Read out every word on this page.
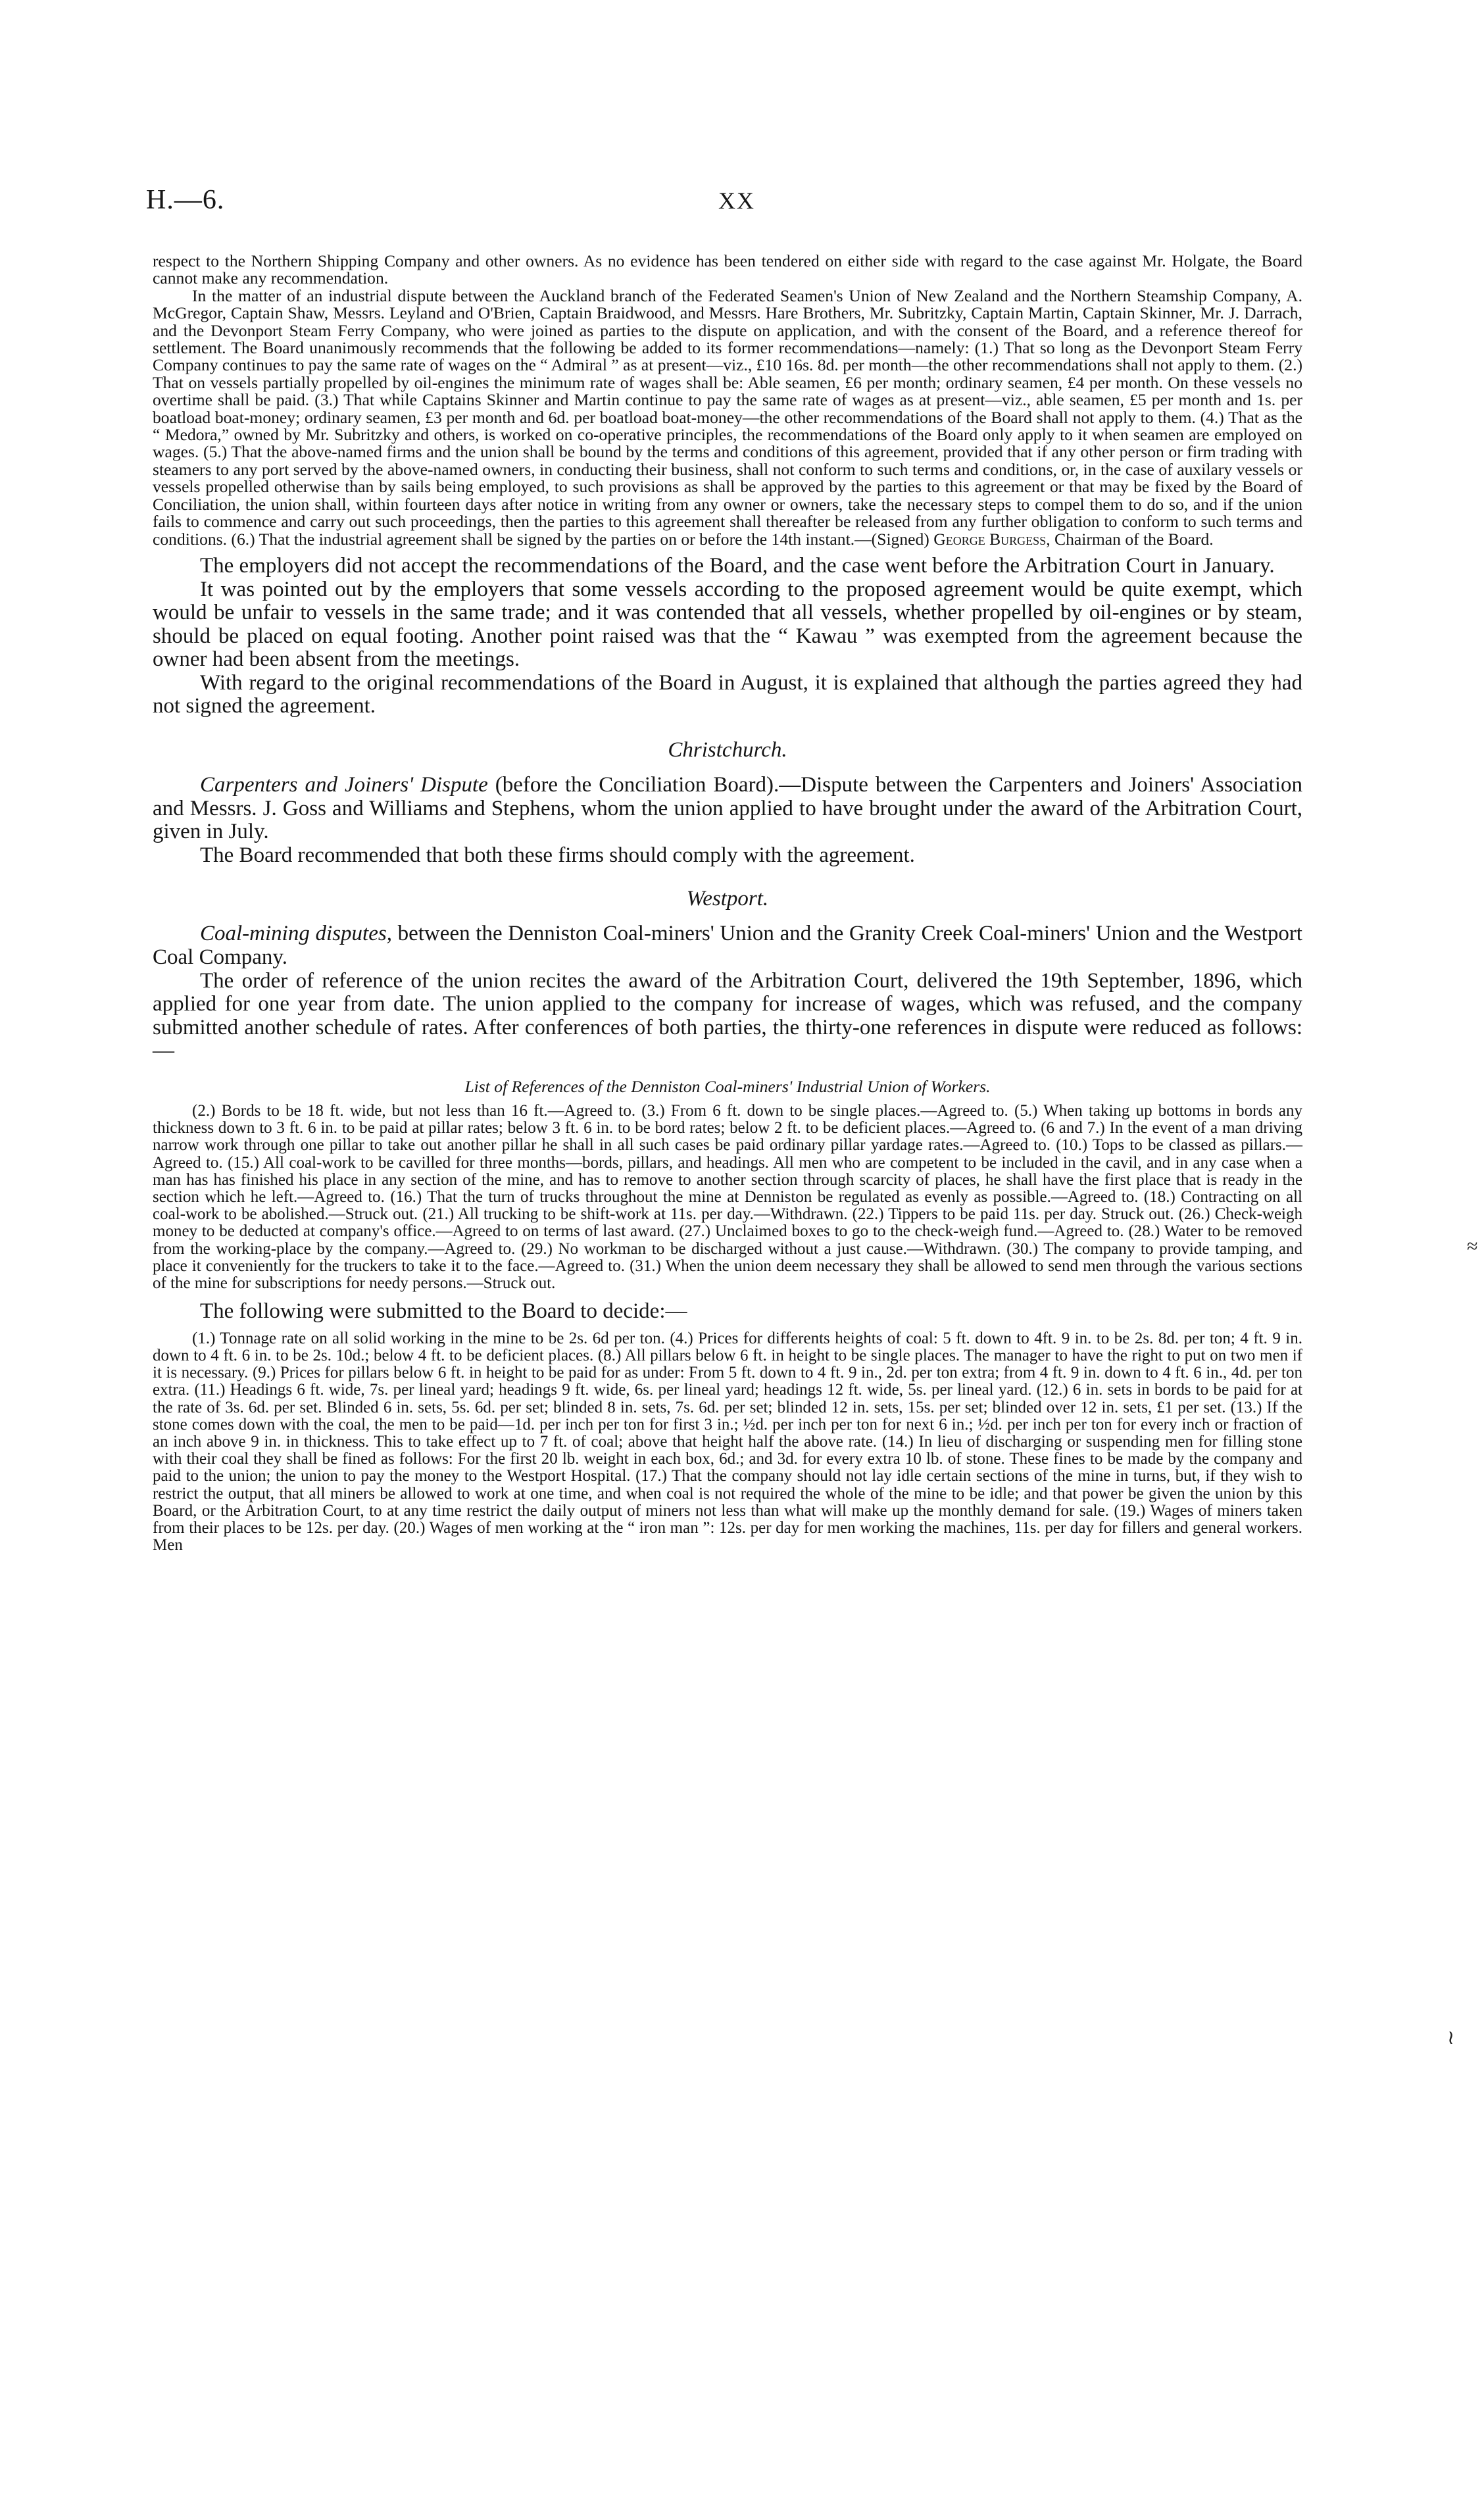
H.—6.	XX
≈
≀

respect to the Northern Shipping Company and other owners. As no evidence has been tendered on either side with regard to the case against Mr. Holgate, the Board cannot make any recommendation.

In the matter of an industrial dispute between the Auckland branch of the Federated Seamen's Union of New Zealand and the Northern Steamship Company, A. McGregor, Captain Shaw, Messrs. Leyland and O'Brien, Captain Braidwood, and Messrs. Hare Brothers, Mr. Subritzky, Captain Martin, Captain Skinner, Mr. J. Darrach, and the Devonport Steam Ferry Company, who were joined as parties to the dispute on application, and with the consent of the Board, and a reference thereof for settlement. The Board unanimously recommends that the following be added to its former recommendations—namely: (1.) That so long as the Devonport Steam Ferry Company continues to pay the same rate of wages on the “ Admiral ” as at present—viz., £10 16s. 8d. per month—the other recommendations shall not apply to them. (2.) That on vessels partially propelled by oil-engines the minimum rate of wages shall be: Able seamen, £6 per month; ordinary seamen, £4 per month. On these vessels no overtime shall be paid. (3.) That while Captains Skinner and Martin continue to pay the same rate of wages as at present—viz., able seamen, £5 per month and 1s. per boatload boat-money; ordinary seamen, £3 per month and 6d. per boatload boat-money—the other recommendations of the Board shall not apply to them. (4.) That as the “ Medora,” owned by Mr. Subritzky and others, is worked on co-operative principles, the recommendations of the Board only apply to it when seamen are employed on wages. (5.) That the above-named firms and the union shall be bound by the terms and conditions of this agreement, provided that if any other person or firm trading with steamers to any port served by the above-named owners, in conducting their business, shall not conform to such terms and conditions, or, in the case of auxilary vessels or vessels propelled otherwise than by sails being employed, to such provisions as shall be approved by the parties to this agreement or that may be fixed by the Board of Conciliation, the union shall, within fourteen days after notice in writing from any owner or owners, take the necessary steps to compel them to do so, and if the union fails to commence and carry out such proceedings, then the parties to this agreement shall thereafter be released from any further obligation to conform to such terms and conditions. (6.) That the industrial agreement shall be signed by the parties on or before the 14th instant.—(Signed) George Burgess, Chairman of the Board.

The employers did not accept the recommendations of the Board, and the case went before the Arbitration Court in January.

It was pointed out by the employers that some vessels according to the proposed agreement would be quite exempt, which would be unfair to vessels in the same trade; and it was contended that all vessels, whether propelled by oil-engines or by steam, should be placed on equal footing. Another point raised was that the “ Kawau ” was exempted from the agreement because the owner had been absent from the meetings.

With regard to the original recommendations of the Board in August, it is explained that although the parties agreed they had not signed the agreement.

Christchurch.

Carpenters and Joiners' Dispute (before the Conciliation Board).—Dispute between the Carpenters and Joiners' Association and Messrs. J. Goss and Williams and Stephens, whom the union applied to have brought under the award of the Arbitration Court, given in July.

The Board recommended that both these firms should comply with the agreement.

Westport.

Coal-mining disputes, between the Denniston Coal-miners' Union and the Granity Creek Coal-miners' Union and the Westport Coal Company.

The order of reference of the union recites the award of the Arbitration Court, delivered the 19th September, 1896, which applied for one year from date. The union applied to the company for increase of wages, which was refused, and the company submitted another schedule of rates. After conferences of both parties, the thirty-one references in dispute were reduced as follows:—

List of References of the Denniston Coal-miners' Industrial Union of Workers.

(2.) Bords to be 18 ft. wide, but not less than 16 ft.—Agreed to. (3.) From 6 ft. down to be single places.—Agreed to. (5.) When taking up bottoms in bords any thickness down to 3 ft. 6 in. to be paid at pillar rates; below 3 ft. 6 in. to be bord rates; below 2 ft. to be deficient places.—Agreed to. (6 and 7.) In the event of a man driving narrow work through one pillar to take out another pillar he shall in all such cases be paid ordinary pillar yardage rates.—Agreed to. (10.) Tops to be classed as pillars.—Agreed to. (15.) All coal-work to be cavilled for three months—bords, pillars, and headings. All men who are competent to be included in the cavil, and in any case when a man has has finished his place in any section of the mine, and has to remove to another section through scarcity of places, he shall have the first place that is ready in the section which he left.—Agreed to. (16.) That the turn of trucks throughout the mine at Denniston be regulated as evenly as possible.—Agreed to. (18.) Contracting on all coal-work to be abolished.—Struck out. (21.) All trucking to be shift-work at 11s. per day.—Withdrawn. (22.) Tippers to be paid 11s. per day. Struck out. (26.) Check-weigh money to be deducted at company's office.—Agreed to on terms of last award. (27.) Unclaimed boxes to go to the check-weigh fund.—Agreed to. (28.) Water to be removed from the working-place by the company.—Agreed to. (29.) No workman to be discharged without a just cause.—Withdrawn. (30.) The company to provide tamping, and place it conveniently for the truckers to take it to the face.—Agreed to. (31.) When the union deem necessary they shall be allowed to send men through the various sections of the mine for subscriptions for needy persons.—Struck out.

The following were submitted to the Board to decide:—

(1.) Tonnage rate on all solid working in the mine to be 2s. 6d per ton. (4.) Prices for differents heights of coal: 5 ft. down to 4ft. 9 in. to be 2s. 8d. per ton; 4 ft. 9 in. down to 4 ft. 6 in. to be 2s. 10d.; below 4 ft. to be deficient places. (8.) All pillars below 6 ft. in height to be single places. The manager to have the right to put on two men if it is necessary. (9.) Prices for pillars below 6 ft. in height to be paid for as under: From 5 ft. down to 4 ft. 9 in., 2d. per ton extra; from 4 ft. 9 in. down to 4 ft. 6 in., 4d. per ton extra. (11.) Headings 6 ft. wide, 7s. per lineal yard; headings 9 ft. wide, 6s. per lineal yard; headings 12 ft. wide, 5s. per lineal yard. (12.) 6 in. sets in bords to be paid for at the rate of 3s. 6d. per set. Blinded 6 in. sets, 5s. 6d. per set; blinded 8 in. sets, 7s. 6d. per set; blinded 12 in. sets, 15s. per set; blinded over 12 in. sets, £1 per set. (13.) If the stone comes down with the coal, the men to be paid—1d. per inch per ton for first 3 in.; ½d. per inch per ton for next 6 in.; ½d. per inch per ton for every inch or fraction of an inch above 9 in. in thickness. This to take effect up to 7 ft. of coal; above that height half the above rate. (14.) In lieu of discharging or suspending men for filling stone with their coal they shall be fined as follows: For the first 20 lb. weight in each box, 6d.; and 3d. for every extra 10 lb. of stone. These fines to be made by the company and paid to the union; the union to pay the money to the Westport Hospital. (17.) That the company should not lay idle certain sections of the mine in turns, but, if they wish to restrict the output, that all miners be allowed to work at one time, and when coal is not required the whole of the mine to be idle; and that power be given the union by this Board, or the Arbitration Court, to at any time restrict the daily output of miners not less than what will make up the monthly demand for sale. (19.) Wages of miners taken from their places to be 12s. per day. (20.) Wages of men working at the “ iron man ”: 12s. per day for men working the machines, 11s. per day for fillers and general workers. Men
